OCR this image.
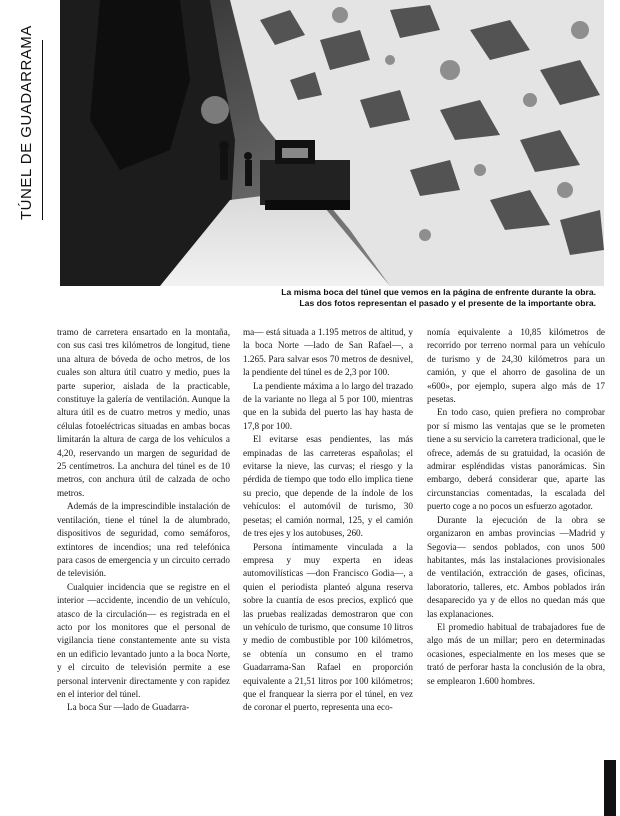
TÚNEL DE GUADARRAMA
La misma boca del túnel que vemos en la página de enfrente durante la obra.
Las dos fotos representan el pasado y el presente de la importante obra.

tramo de carretera ensartado en la montaña, con sus casi tres kilómetros de longitud, tiene una altura de bóveda de ocho metros, de los cuales son altura útil cuatro y medio, pues la parte superior, aislada de la practicable, constituye la galería de ventilación. Aunque la altura útil es de cuatro metros y medio, unas células fotoeléctricas situadas en ambas bocas limitarán la altura de carga de los vehículos a 4,20, reservando un margen de seguridad de 25 centímetros. La anchura del túnel es de 10 metros, con anchura útil de calzada de ocho metros.

Además de la imprescindible instalación de ventilación, tiene el túnel la de alumbrado, dispositivos de seguridad, como semáforos, extintores de incendios; una red telefónica para casos de emergencia y un circuito cerrado de televisión.

Cualquier incidencia que se registre en el interior —accidente, incendio de un vehículo, atasco de la circulación— es registrada en el acto por los monitores que el personal de vigilancia tiene constantemente ante su vista en un edificio levantado junto a la boca Norte, y el circuito de televisión permite a ese personal intervenir directamente y con rapidez en el interior del túnel.

La boca Sur —lado de Guadarra-

ma— está situada a 1.195 metros de altitud, y la boca Norte —lado de San Rafael—, a 1.265. Para salvar esos 70 metros de desnivel, la pendiente del túnel es de 2,3 por 100.

La pendiente máxima a lo largo del trazado de la variante no llega al 5 por 100, mientras que en la subida del puerto las hay hasta de 17,8 por 100.

El evitarse esas pendientes, las más empinadas de las carreteras españolas; el evitarse la nieve, las curvas; el riesgo y la pérdida de tiempo que todo ello implica tiene su precio, que depende de la índole de los vehículos: el automóvil de turismo, 30 pesetas; el camión normal, 125, y el camión de tres ejes y los autobuses, 260.

Persona íntimamente vinculada a la empresa y muy experta en ideas automovilísticas —don Francisco Godia—, a quien el periodista planteó alguna reserva sobre la cuantía de esos precios, explicó que las pruebas realizadas demostraron que con un vehículo de turismo, que consume 10 litros y medio de combustible por 100 kilómetros, se obtenía un consumo en el tramo Guadarrama-San Rafael en proporción equivalente a 21,51 litros por 100 kilómetros; que el franquear la sierra por el túnel, en vez de coronar el puerto, representa una eco-

nomía equivalente a 10,85 kilómetros de recorrido por terreno normal para un vehículo de turismo y de 24,30 kilómetros para un camión, y que el ahorro de gasolina de un «600», por ejemplo, supera algo más de 17 pesetas.

En todo caso, quien prefiera no comprobar por sí mismo las ventajas que se le prometen tiene a su servicio la carretera tradicional, que le ofrece, además de su gratuidad, la ocasión de admirar espléndidas vistas panorámicas. Sin embargo, deberá considerar que, aparte las circunstancias comentadas, la escalada del puerto coge a no pocos un esfuerzo agotador.

Durante la ejecución de la obra se organizaron en ambas provincias —Madrid y Segovia— sendos poblados, con unos 500 habitantes, más las instalaciones provisionales de ventilación, extracción de gases, oficinas, laboratorio, talleres, etc. Ambos poblados irán desaparecido ya y de ellos no quedan más que las explanaciones.

El promedio habitual de trabajadores fue de algo más de un millar; pero en determinadas ocasiones, especialmente en los meses que se trató de perforar hasta la conclusión de la obra, se emplearon 1.600 hombres.
